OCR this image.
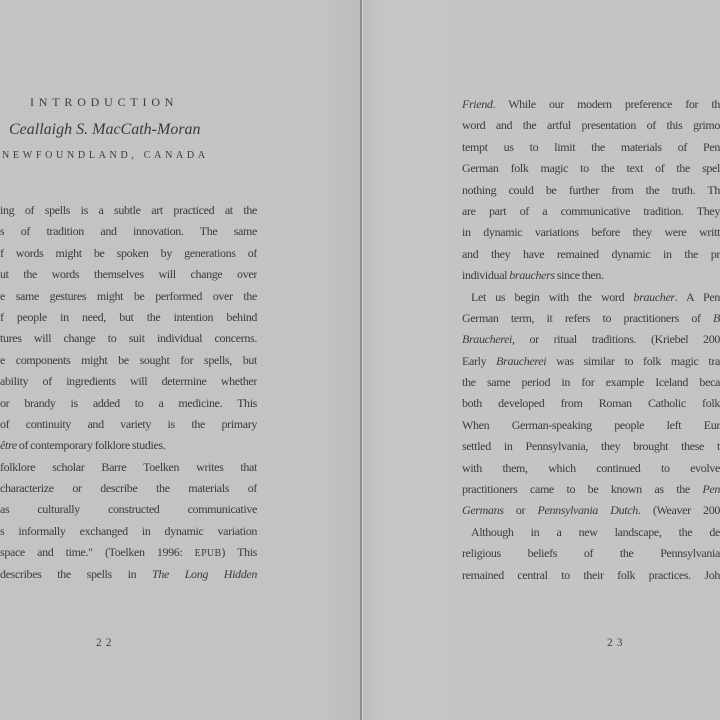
INTRODUCTION
Ceallaigh S. MacCath-Moran
NEWFOUNDLAND, CANADA
ing of spells is a subtle art practiced at the
s of tradition and innovation. The same
f words might be spoken by generations of
ut the words themselves will change over
e same gestures might be performed over the
f people in need, but the intention behind
tures will change to suit individual concerns.
e components might be sought for spells, but
ability of ingredients will determine whether
or brandy is added to a medicine. This
of continuity and variety is the primary
être of contemporary folklore studies.
folklore scholar Barre Toelken writes that
characterize or describe the materials of
as culturally constructed communicative
s informally exchanged in dynamic variation
space and time." (Toelken 1996: EPUB) This
describes the spells in The Long Hidden
Friend. While our modern preference for th
word and the artful presentation of this grimo
tempt us to limit the materials of Pen
German folk magic to the text of the spel
nothing could be further from the truth. Th
are part of a communicative tradition. They
in dynamic variations before they were writt
and they have remained dynamic in the pr
individual brauchers since then.
Let us begin with the word braucher. A Pen
German term, it refers to practitioners of B
Braucherei, or ritual traditions. (Kriebel 200
Early Braucherei was similar to folk magic tra
the same period in for example Iceland beca
both developed from Roman Catholic folk
When German-speaking people left Eur
settled in Pennsylvania, they brought these t
with them, which continued to evolve
practitioners came to be known as the Pen
Germans or Pennsylvania Dutch. (Weaver 200
Although in a new landscape, the de
religious beliefs of the Pennsylvania
remained central to their folk practices. Joh
22	23
